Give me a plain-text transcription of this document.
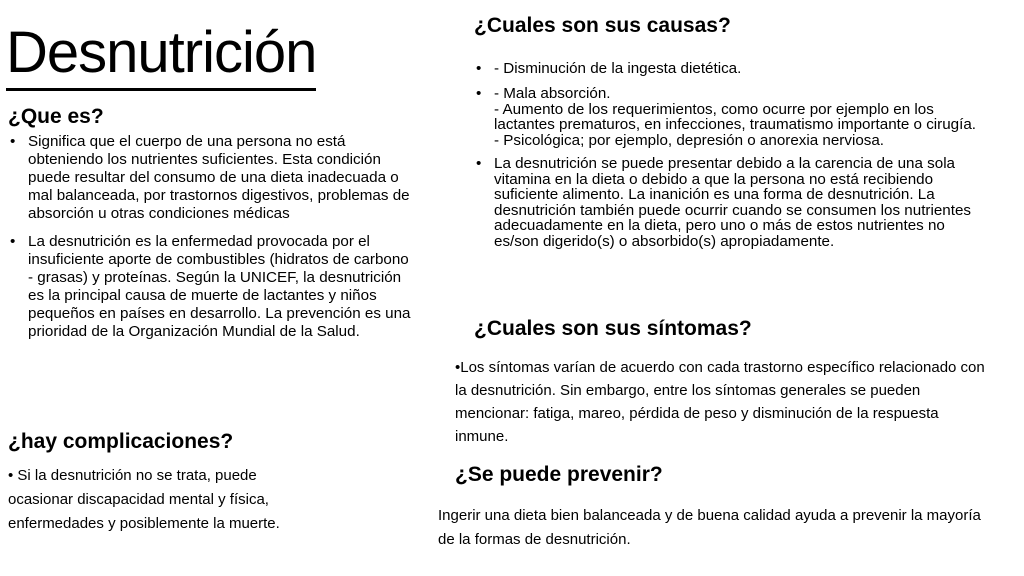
Desnutrición
¿Que es?
• Significa que el cuerpo de una persona no está obteniendo los nutrientes suficientes. Esta condición puede resultar del consumo de una dieta inadecuada o mal balanceada, por trastornos digestivos, problemas de absorción u otras condiciones médicas
• La desnutrición es la enfermedad provocada por el insuficiente aporte de combustibles (hidratos de carbono - grasas) y proteínas. Según la UNICEF, la desnutrición es la principal causa de muerte de lactantes y niños pequeños en países en desarrollo. La prevención es una prioridad de la Organización Mundial de la Salud.
¿hay complicaciones?
• Si la desnutrición no se trata, puede ocasionar discapacidad mental y física, enfermedades y posiblemente la muerte.
¿Cuales son sus causas?
• - Disminución de la ingesta dietética.
• - Mala absorción.
- Aumento de los requerimientos, como ocurre por ejemplo en los lactantes prematuros, en infecciones, traumatismo importante o cirugía.
- Psicológica; por ejemplo, depresión o anorexia nerviosa.
• La desnutrición se puede presentar debido a la carencia de una sola vitamina en la dieta o debido a que la persona no está recibiendo suficiente alimento. La inanición es una forma de desnutrición. La desnutrición también puede ocurrir cuando se consumen los nutrientes adecuadamente en la dieta, pero uno o más de estos nutrientes no es/son digerido(s) o absorbido(s) apropiadamente.
¿Cuales son sus síntomas?
•Los síntomas varían de acuerdo con cada trastorno específico relacionado con la desnutrición. Sin embargo, entre los síntomas generales se pueden mencionar: fatiga, mareo, pérdida de peso y disminución de la respuesta inmune.
¿Se puede prevenir?
Ingerir una dieta bien balanceada y de buena calidad ayuda a prevenir la mayoría de la formas de desnutrición.
